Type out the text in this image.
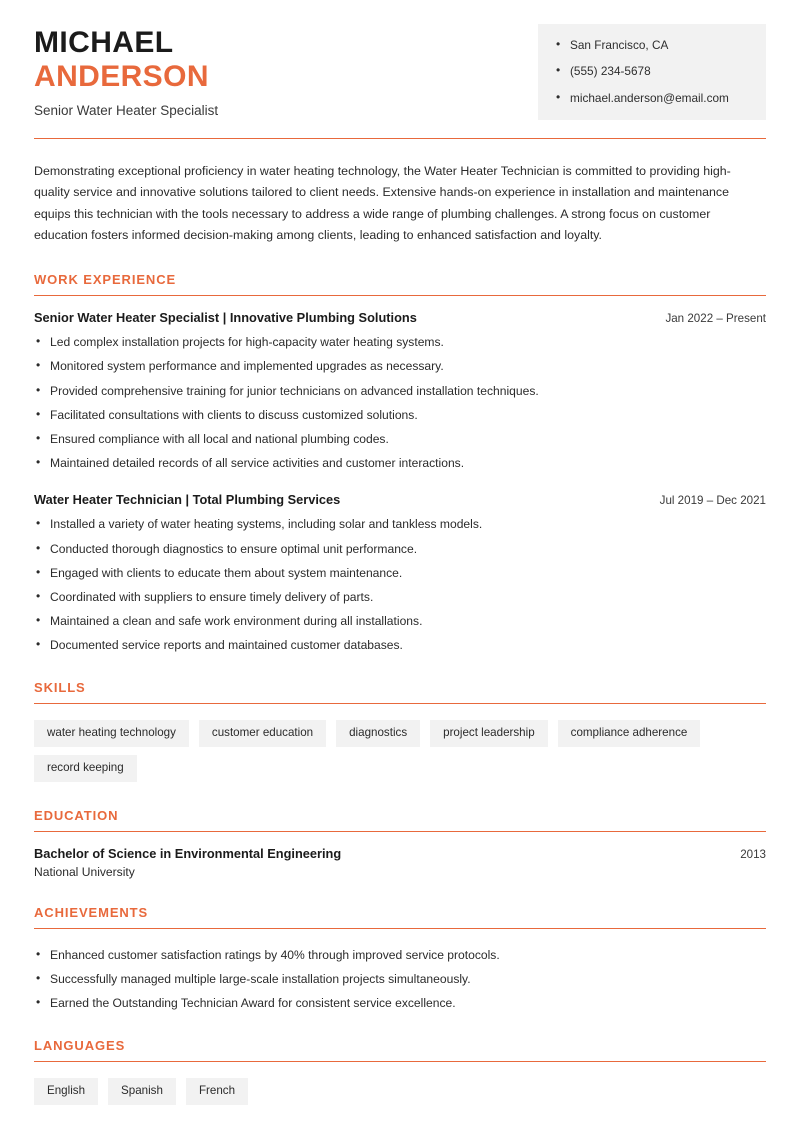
MICHAEL
ANDERSON
Senior Water Heater Specialist
• San Francisco, CA
• (555) 234-5678
• michael.anderson@email.com
Demonstrating exceptional proficiency in water heating technology, the Water Heater Technician is committed to providing high-quality service and innovative solutions tailored to client needs. Extensive hands-on experience in installation and maintenance equips this technician with the tools necessary to address a wide range of plumbing challenges. A strong focus on customer education fosters informed decision-making among clients, leading to enhanced satisfaction and loyalty.
WORK EXPERIENCE
Senior Water Heater Specialist | Innovative Plumbing Solutions	Jan 2022 – Present
• Led complex installation projects for high-capacity water heating systems.
• Monitored system performance and implemented upgrades as necessary.
• Provided comprehensive training for junior technicians on advanced installation techniques.
• Facilitated consultations with clients to discuss customized solutions.
• Ensured compliance with all local and national plumbing codes.
• Maintained detailed records of all service activities and customer interactions.
Water Heater Technician | Total Plumbing Services	Jul 2019 – Dec 2021
• Installed a variety of water heating systems, including solar and tankless models.
• Conducted thorough diagnostics to ensure optimal unit performance.
• Engaged with clients to educate them about system maintenance.
• Coordinated with suppliers to ensure timely delivery of parts.
• Maintained a clean and safe work environment during all installations.
• Documented service reports and maintained customer databases.
SKILLS
water heating technology	customer education	diagnostics	project leadership	compliance adherence
record keeping
EDUCATION
Bachelor of Science in Environmental Engineering	2013
National University
ACHIEVEMENTS
• Enhanced customer satisfaction ratings by 40% through improved service protocols.
• Successfully managed multiple large-scale installation projects simultaneously.
• Earned the Outstanding Technician Award for consistent service excellence.
LANGUAGES
English	Spanish	French
